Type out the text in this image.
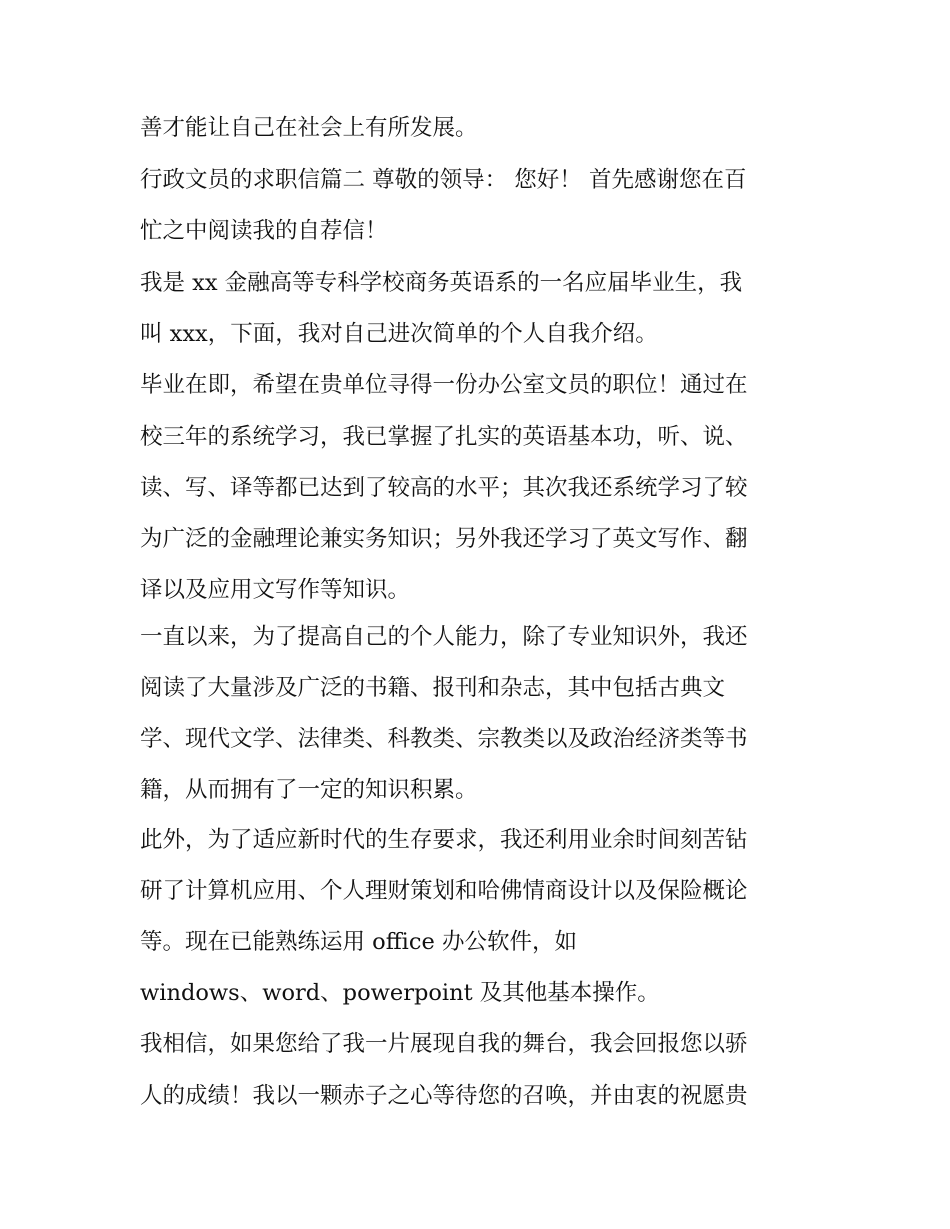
善才能让自己在社会上有所发展。

行政文员的求职信篇二 尊敬的领导： 您好！ 首先感谢您在百

忙之中阅读我的自荐信！

我是 xx 金融高等专科学校商务英语系的一名应届毕业生，我

叫 xxx，下面，我对自己进次简单的个人自我介绍。

毕业在即，希望在贵单位寻得一份办公室文员的职位！通过在

校三年的系统学习，我已掌握了扎实的英语基本功，听、说、

读、写、译等都已达到了较高的水平；其次我还系统学习了较

为广泛的金融理论兼实务知识；另外我还学习了英文写作、翻

译以及应用文写作等知识。

一直以来，为了提高自己的个人能力，除了专业知识外，我还

阅读了大量涉及广泛的书籍、报刊和杂志，其中包括古典文

学、现代文学、法律类、科教类、宗教类以及政治经济类等书

籍，从而拥有了一定的知识积累。

此外，为了适应新时代的生存要求，我还利用业余时间刻苦钻

研了计算机应用、个人理财策划和哈佛情商设计以及保险概论

等。现在已能熟练运用 office 办公软件，如

windows、word、powerpoint 及其他基本操作。

我相信，如果您给了我一片展现自我的舞台，我会回报您以骄

人的成绩！我以一颗赤子之心等待您的召唤，并由衷的祝愿贵
